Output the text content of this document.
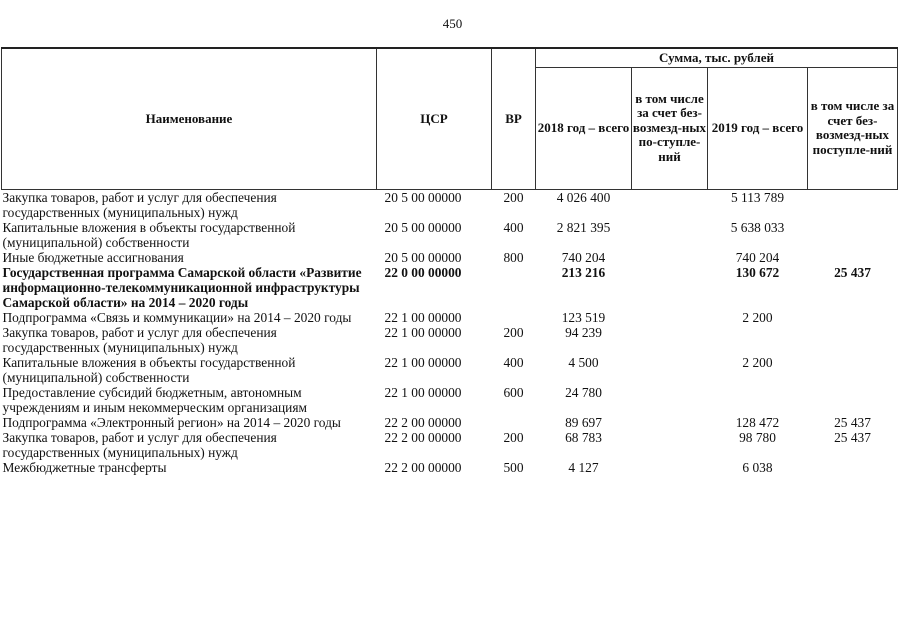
450
Наименование	ЦСР	ВР	Сумма, тыс. рублей			
			2018 год – всего	в том числе за счет без-возмезд-ных по-ступле-ний	2019 год – всего	в том числе за счет без-возмезд-ных поступле-ний
Закупка товаров, работ и услуг для обеспечения государственных (муниципальных) нужд	20 5 00 00000	200	4 026 400		5 113 789	
Капитальные вложения в объекты государственной (муниципальной) собственности	20 5 00 00000	400	2 821 395		5 638 033	
Иные бюджетные ассигнования	20 5 00 00000	800	740 204		740 204	
Государственная программа Самарской области «Развитие информационно-телекоммуникационной инфраструктуры Самарской области» на 2014 – 2020 годы	22 0 00 00000		213 216		130 672	25 437
Подпрограмма «Связь и коммуникации» на 2014 – 2020 годы	22 1 00 00000		123 519		2 200	
Закупка товаров, работ и услуг для обеспечения государственных (муниципальных) нужд	22 1 00 00000	200	94 239			
Капитальные вложения в объекты государственной (муниципальной) собственности	22 1 00 00000	400	4 500		2 200	
Предоставление субсидий бюджетным, автономным учреждениям и иным некоммерческим организациям	22 1 00 00000	600	24 780			
Подпрограмма «Электронный регион» на 2014 – 2020 годы	22 2 00 00000		89 697		128 472	25 437
Закупка товаров, работ и услуг для обеспечения государственных (муниципальных) нужд	22 2 00 00000	200	68 783		98 780	25 437
Межбюджетные трансферты	22 2 00 00000	500	4 127		6 038	
